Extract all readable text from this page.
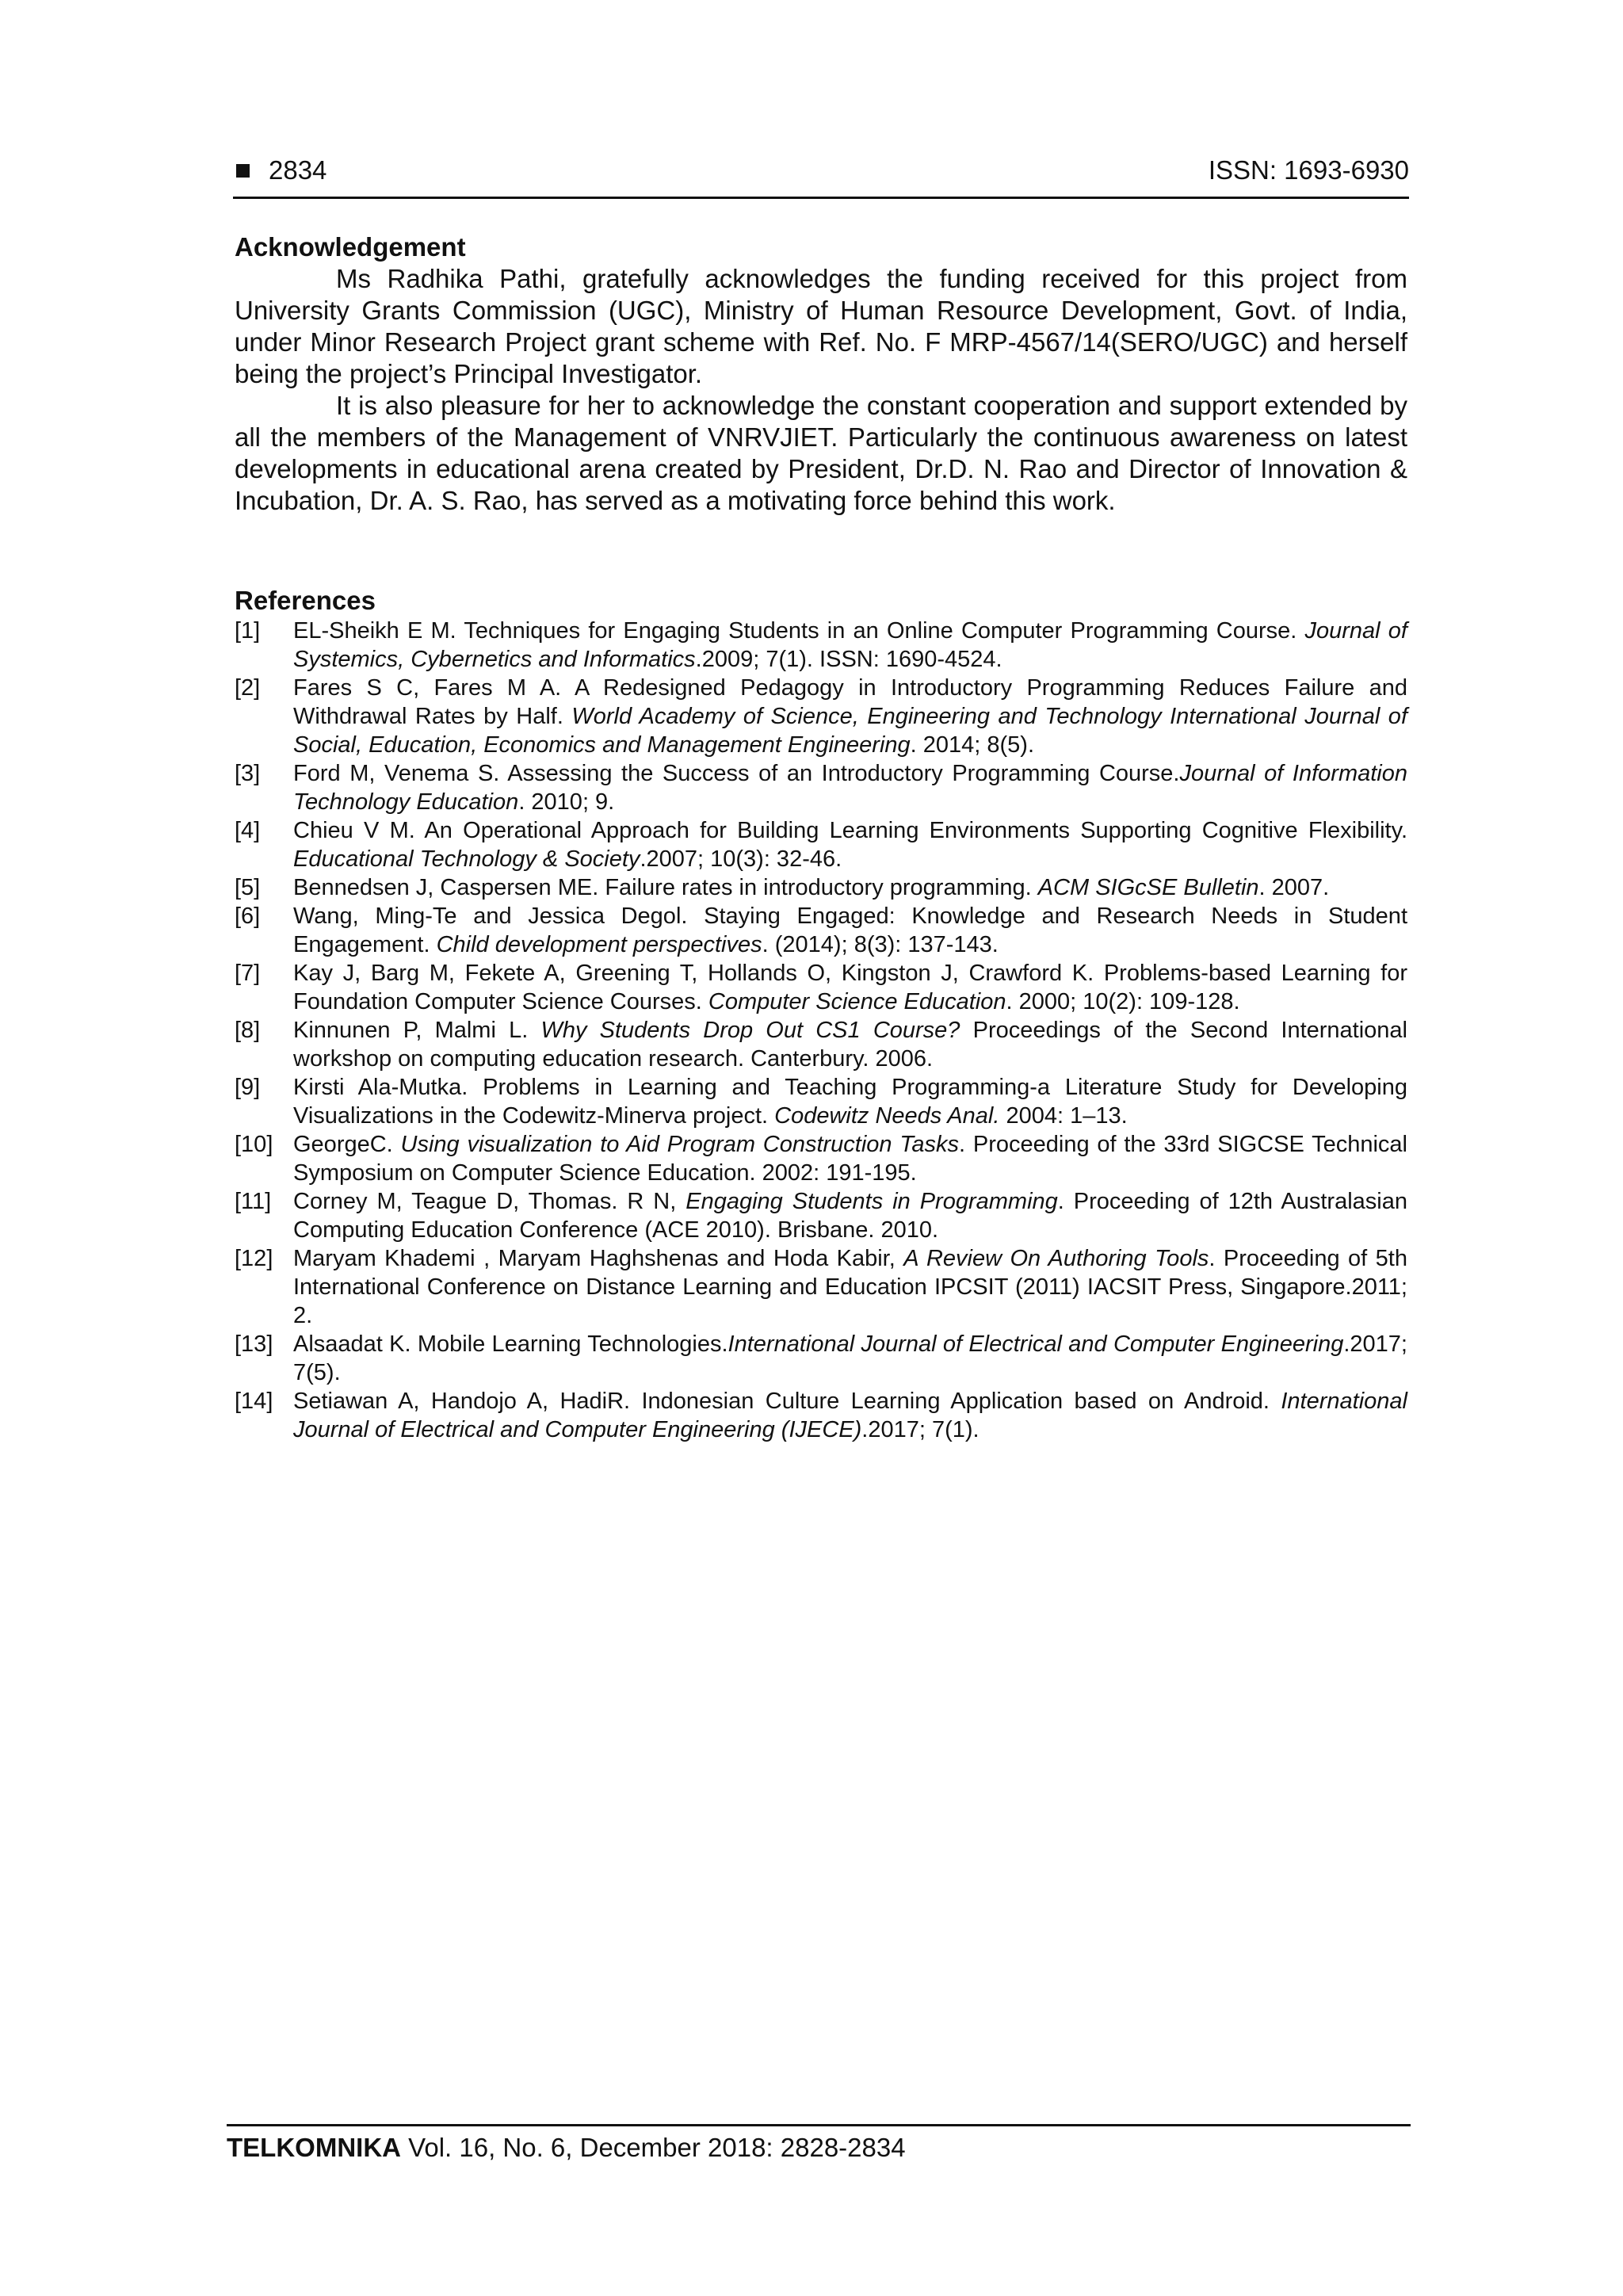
2834	ISSN: 1693-6930
Acknowledgement

Ms Radhika Pathi, gratefully acknowledges the funding received for this project from University Grants Commission (UGC), Ministry of Human Resource Development, Govt. of India, under Minor Research Project grant scheme with Ref. No. F MRP-4567/14(SERO/UGC) and herself being the project’s Principal Investigator.

It is also pleasure for her to acknowledge the constant cooperation and support extended by all the members of the Management of VNRVJIET. Particularly the continuous awareness on latest developments in educational arena created by President, Dr.D. N. Rao and Director of Innovation & Incubation, Dr. A. S. Rao, has served as a motivating force behind this work.

References
[1]	EL-Sheikh E M. Techniques for Engaging Students in an Online Computer Programming Course. Journal of Systemics, Cybernetics and Informatics.2009; 7(1). ISSN: 1690-4524.
[2]	Fares S C, Fares M A. A Redesigned Pedagogy in Introductory Programming Reduces Failure and Withdrawal Rates by Half. World Academy of Science, Engineering and Technology International Journal of Social, Education, Economics and Management Engineering. 2014; 8(5).
[3]	Ford M, Venema S. Assessing the Success of an Introductory Programming Course.Journal of Information Technology Education. 2010; 9.
[4]	Chieu V M. An Operational Approach for Building Learning Environments Supporting Cognitive Flexibility. Educational Technology & Society.2007; 10(3): 32-46.
[5]	Bennedsen J, Caspersen ME. Failure rates in introductory programming. ACM SIGcSE Bulletin. 2007.
[6]	Wang, Ming-Te and Jessica Degol. Staying Engaged: Knowledge and Research Needs in Student Engagement. Child development perspectives. (2014); 8(3): 137-143.
[7]	Kay J, Barg M, Fekete A, Greening T, Hollands O, Kingston J, Crawford K. Problems-based Learning for Foundation Computer Science Courses. Computer Science Education. 2000; 10(2): 109-128.
[8]	Kinnunen P, Malmi L. Why Students Drop Out CS1 Course? Proceedings of the Second International workshop on computing education research. Canterbury. 2006.
[9]	Kirsti Ala-Mutka. Problems in Learning and Teaching Programming-a Literature Study for Developing Visualizations in the Codewitz-Minerva project. Codewitz Needs Anal. 2004: 1–13.
[10] GeorgeC. Using visualization to Aid Program Construction Tasks. Proceeding of the 33rd SIGCSE Technical Symposium on Computer Science Education. 2002: 191-195.
[11] Corney M, Teague D, Thomas. R N, Engaging Students in Programming. Proceeding of 12th Australasian Computing Education Conference (ACE 2010). Brisbane. 2010.
[12] Maryam Khademi , Maryam Haghshenas and Hoda Kabir, A Review On Authoring Tools. Proceeding of 5th International Conference on Distance Learning and Education IPCSIT (2011) IACSIT Press, Singapore.2011; 2.
[13] Alsaadat K. Mobile Learning Technologies.International Journal of Electrical and Computer Engineering.2017; 7(5).
[14] Setiawan A, Handojo A, HadiR. Indonesian Culture Learning Application based on Android. International Journal of Electrical and Computer Engineering (IJECE).2017; 7(1).
TELKOMNIKA Vol. 16, No. 6, December 2018: 2828-2834
